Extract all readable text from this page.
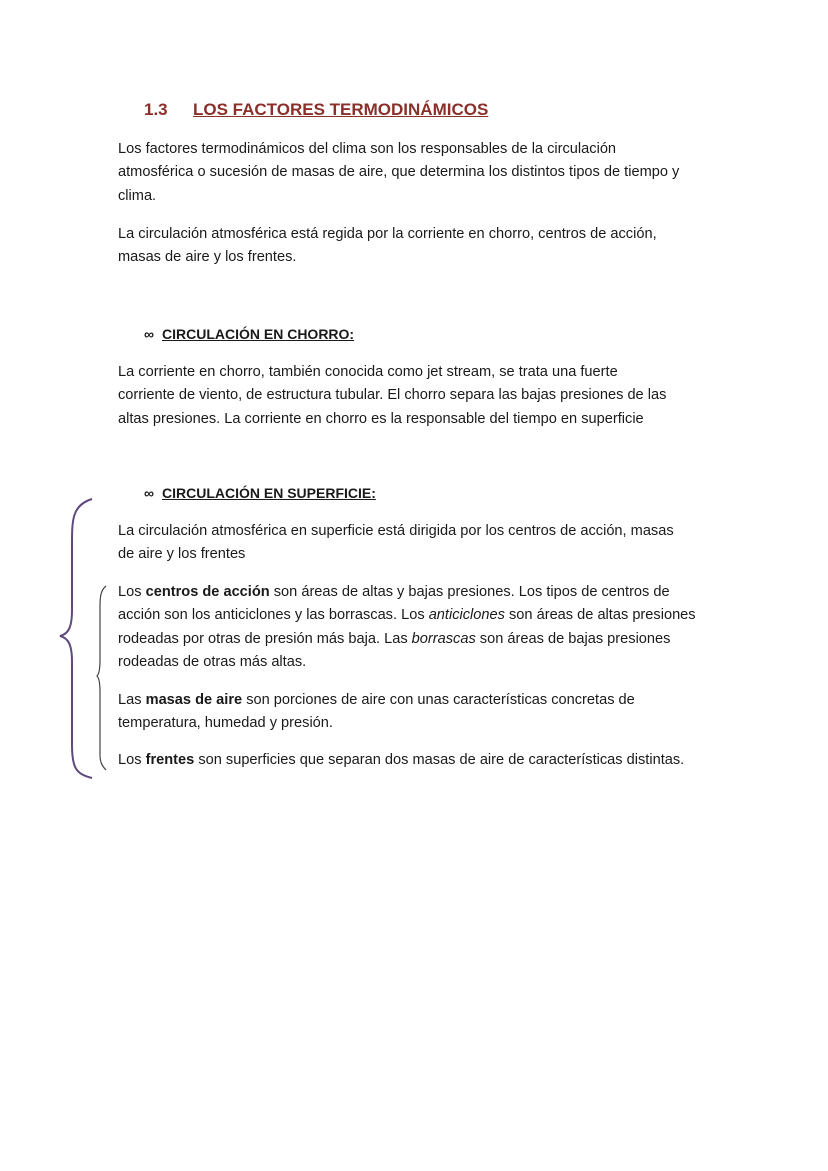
1.3 LOS FACTORES TERMODINÁMICOS
∞ CIRCULACIÓN EN CHORRO:
∞ CIRCULACIÓN EN SUPERFICIE:
Los factores termodinámicos del clima son los responsables de la circulación
atmosférica o sucesión de masas de aire, que determina los distintos tipos de tiempo y
clima.
La circulación atmosférica está regida por la corriente en chorro, centros de acción,
masas de aire y los frentes.
La corriente en chorro, también conocida como jet stream, se trata una fuerte
corriente de viento, de estructura tubular. El chorro separa las bajas presiones de las
altas presiones. La corriente en chorro es la responsable del tiempo en superficie
La circulación atmosférica en superficie está dirigida por los centros de acción, masas
de aire y los frentes
Los centros de acción son áreas de altas y bajas presiones. Los tipos de centros de
acción son los anticiclones y las borrascas. Los anticiclones son áreas de altas presiones
rodeadas por otras de presión más baja. Las borrascas son áreas de bajas presiones
rodeadas de otras más altas.
Las masas de aire son porciones de aire con unas características concretas de
temperatura, humedad y presión.
Los frentes son superficies que separan dos masas de aire de características distintas.
